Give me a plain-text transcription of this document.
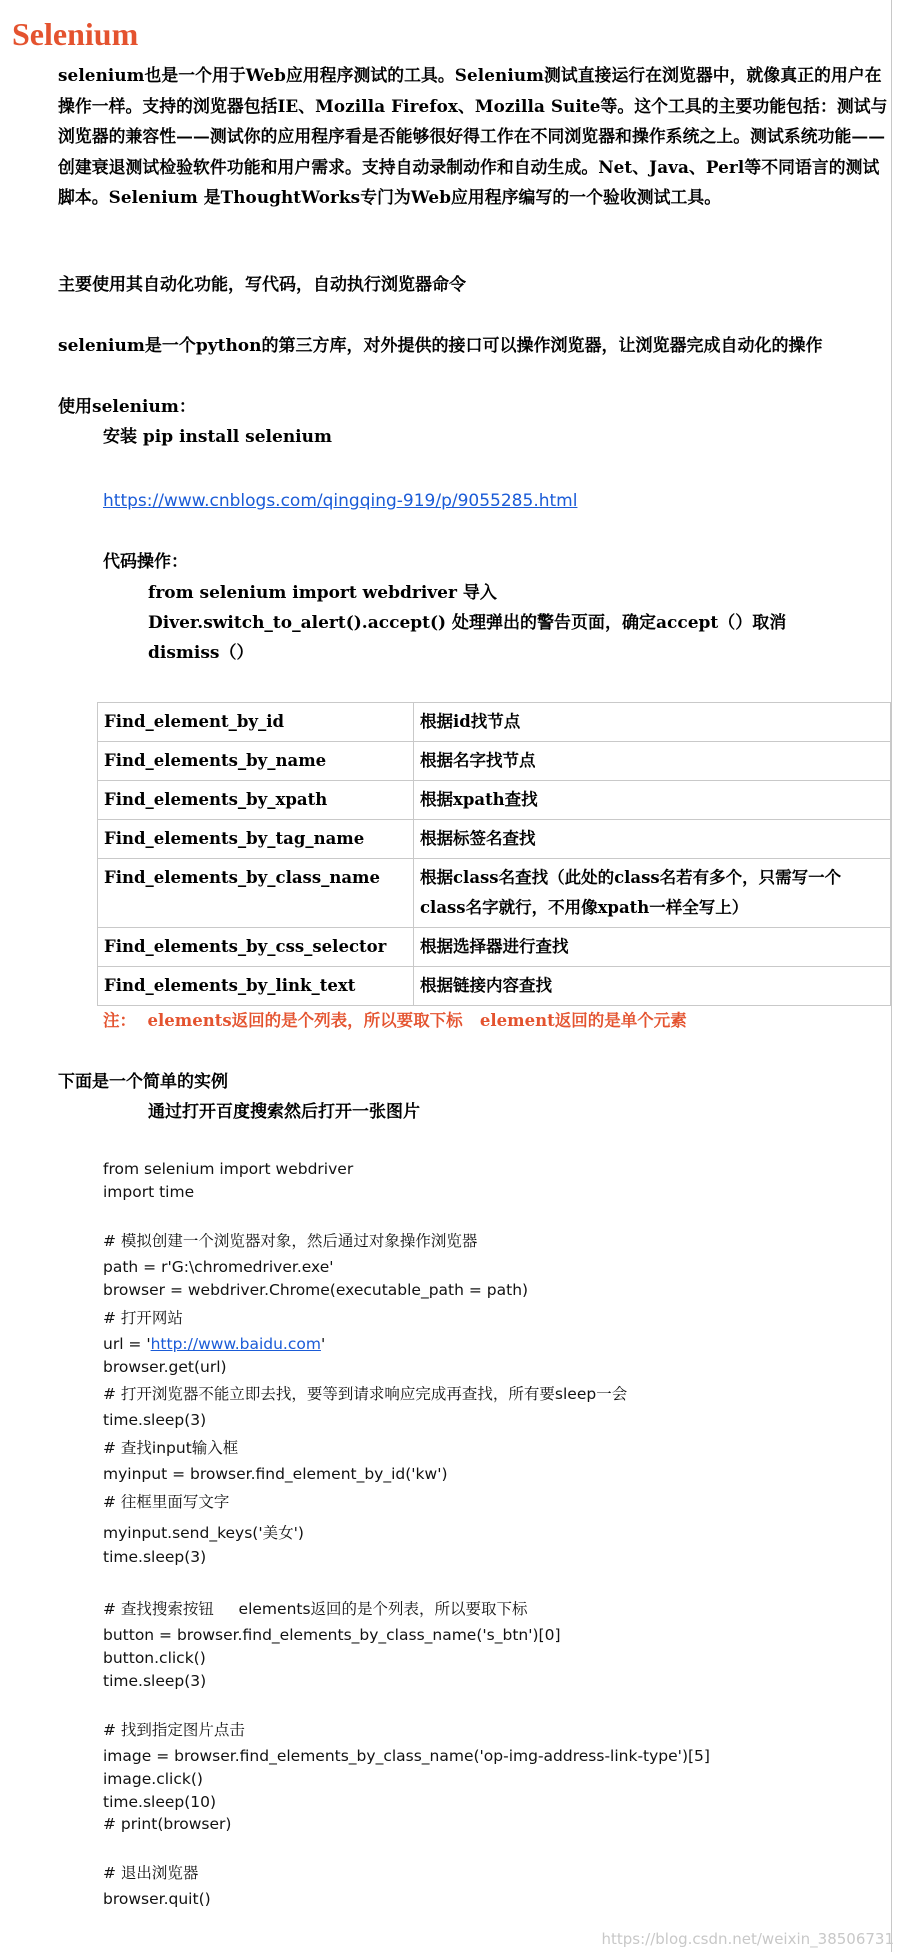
Selenium

selenium也是一个用于Web应用程序测试的工具。Selenium测试直接运行在浏览器中，就像真正的用户在操作一样。支持的浏览器包括IE、Mozilla Firefox、Mozilla Suite等。这个工具的主要功能包括：测试与浏览器的兼容性——测试你的应用程序看是否能够很好得工作在不同浏览器和操作系统之上。测试系统功能——创建衰退测试检验软件功能和用户需求。支持自动录制动作和自动生成。Net、Java、Perl等不同语言的测试脚本。Selenium 是ThoughtWorks专门为Web应用程序编写的一个验收测试工具。

主要使用其自动化功能，写代码，自动执行浏览器命令

selenium是一个python的第三方库，对外提供的接口可以操作浏览器，让浏览器完成自动化的操作

使用selenium：

安装 pip install selenium

https://www.cnblogs.com/qingqing-919/p/9055285.html

代码操作：

from selenium import webdriver 导入

Diver.switch_to_alert().accept() 处理弹出的警告页面，确定accept（）取消

dismiss（）

Find_element_by_id	根据id找节点
Find_elements_by_name	根据名字找节点
Find_elements_by_xpath	根据xpath查找
Find_elements_by_tag_name	根据标签名查找
Find_elements_by_class_name	根据class名查找（此处的class名若有多个，只需写一个class名字就行，不用像xpath一样全写上）
Find_elements_by_css_selector	根据选择器进行查找
Find_elements_by_link_text	根据链接内容查找

注：  elements返回的是个列表，所以要取下标   element返回的是单个元素

下面是一个简单的实例

通过打开百度搜索然后打开一张图片

from selenium import webdriver

import time

# 模拟创建一个浏览器对象，然后通过对象操作浏览器

path = r'G:\chromedriver.exe'

browser = webdriver.Chrome(executable_path = path)

# 打开网站

url = 'http://www.baidu.com'

browser.get(url)

# 打开浏览器不能立即去找，要等到请求响应完成再查找，所有要sleep一会

time.sleep(3)

# 查找input输入框

myinput = browser.find_element_by_id('kw')

# 往框里面写文字

myinput.send_keys('美女')

time.sleep(3)

# 查找搜索按钮     elements返回的是个列表，所以要取下标

button = browser.find_elements_by_class_name('s_btn')[0]

button.click()

time.sleep(3)

# 找到指定图片点击

image = browser.find_elements_by_class_name('op-img-address-link-type')[5]

image.click()

time.sleep(10)

# print(browser)

# 退出浏览器

browser.quit()

https://blog.csdn.net/weixin_38506731
